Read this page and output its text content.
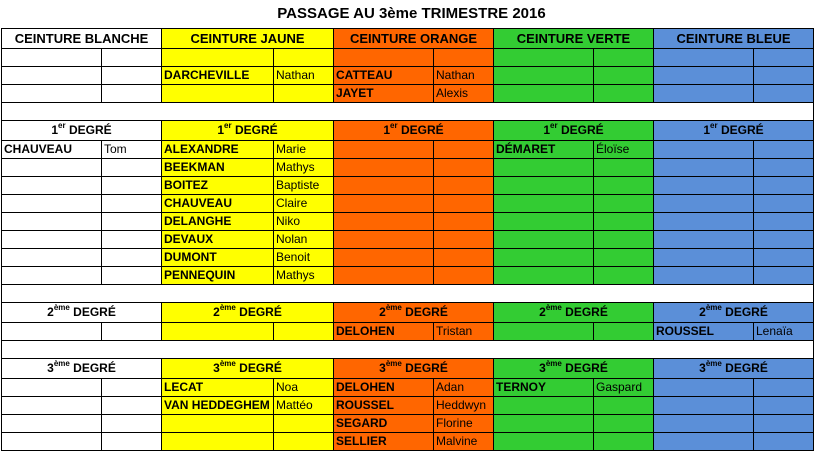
PASSAGE AU 3ème TRIMESTRE 2016
CEINTURE BLANCHE		CEINTURE JAUNE		CEINTURE ORANGE		CEINTURE VERTE		CEINTURE BLEUE	

		DARCHEVILLE	Nathan	CATTEAU	Nathan				
				JAYET	Alexis				

1er DEGRÉ		1er DEGRÉ		1er DEGRÉ		1er DEGRÉ		1er DEGRÉ	
CHAUVEAU	Tom	ALEXANDRE	Marie			DÉMARET	Éloïse		
		BEEKMAN	Mathys						
		BOITEZ	Baptiste						
		CHAUVEAU	Claire						
		DELANGHE	Niko						
		DEVAUX	Nolan						
		DUMONT	Benoit						
		PENNEQUIN	Mathys						

2ème DEGRÉ		2ème DEGRÉ		2ème DEGRÉ		2ème DEGRÉ		2ème DEGRÉ	
				DELOHEN	Tristan			ROUSSEL	Lenaïa

3ème DEGRÉ		3ème DEGRÉ		3ème DEGRÉ		3ème DEGRÉ		3ème DEGRÉ	
		LECAT	Noa	DELOHEN	Adan	TERNOY	Gaspard		
		VAN HEDDEGHEM	Mattéo	ROUSSEL	Heddwyn				
				SEGARD	Florine				
				SELLIER	Malvine				
